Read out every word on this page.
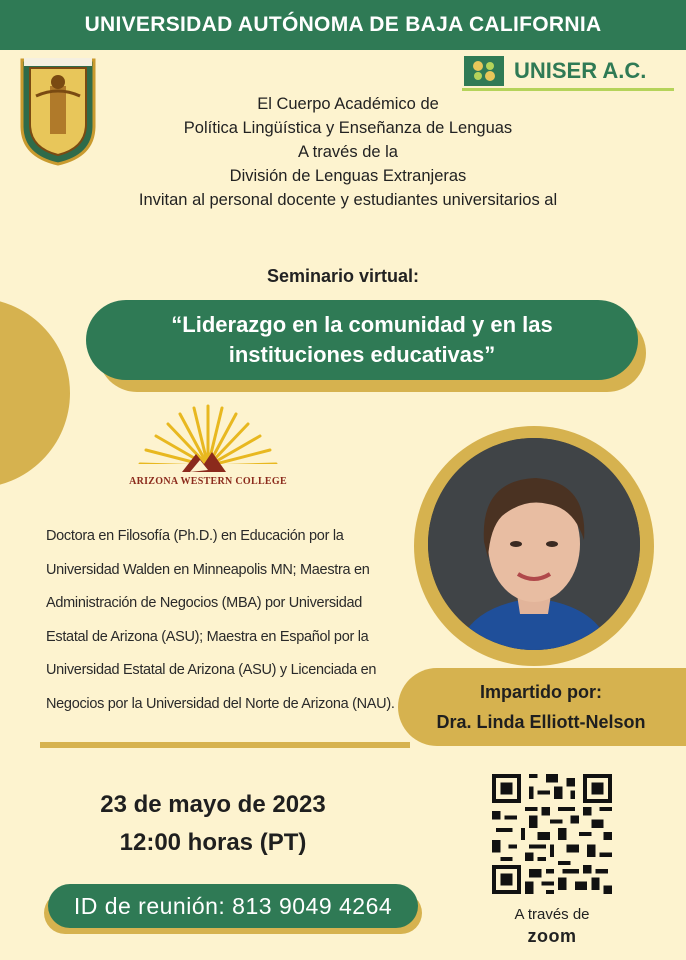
UNIVERSIDAD AUTÓNOMA DE BAJA CALIFORNIA
UNISER A.C.
El Cuerpo Académico de
Política Lingüística y Enseñanza de Lenguas
A través de la
División de Lenguas Extranjeras
Invitan al personal docente y estudiantes universitarios al
Seminario virtual:
“Liderazgo en la comunidad y en las
instituciones educativas”
ARIZONA WESTERN COLLEGE
Doctora en Filosofía (Ph.D.) en Educación por la
Universidad Walden en Minneapolis MN; Maestra en
Administración de Negocios (MBA) por Universidad
Estatal de Arizona (ASU); Maestra en Español por la
Universidad Estatal de Arizona (ASU) y Licenciada en
Negocios por la Universidad del Norte de Arizona (NAU).
Impartido por:
Dra. Linda Elliott-Nelson
23 de mayo de 2023
12:00 horas (PT)
ID de reunión: 813 9049 4264	A través de
zoom
